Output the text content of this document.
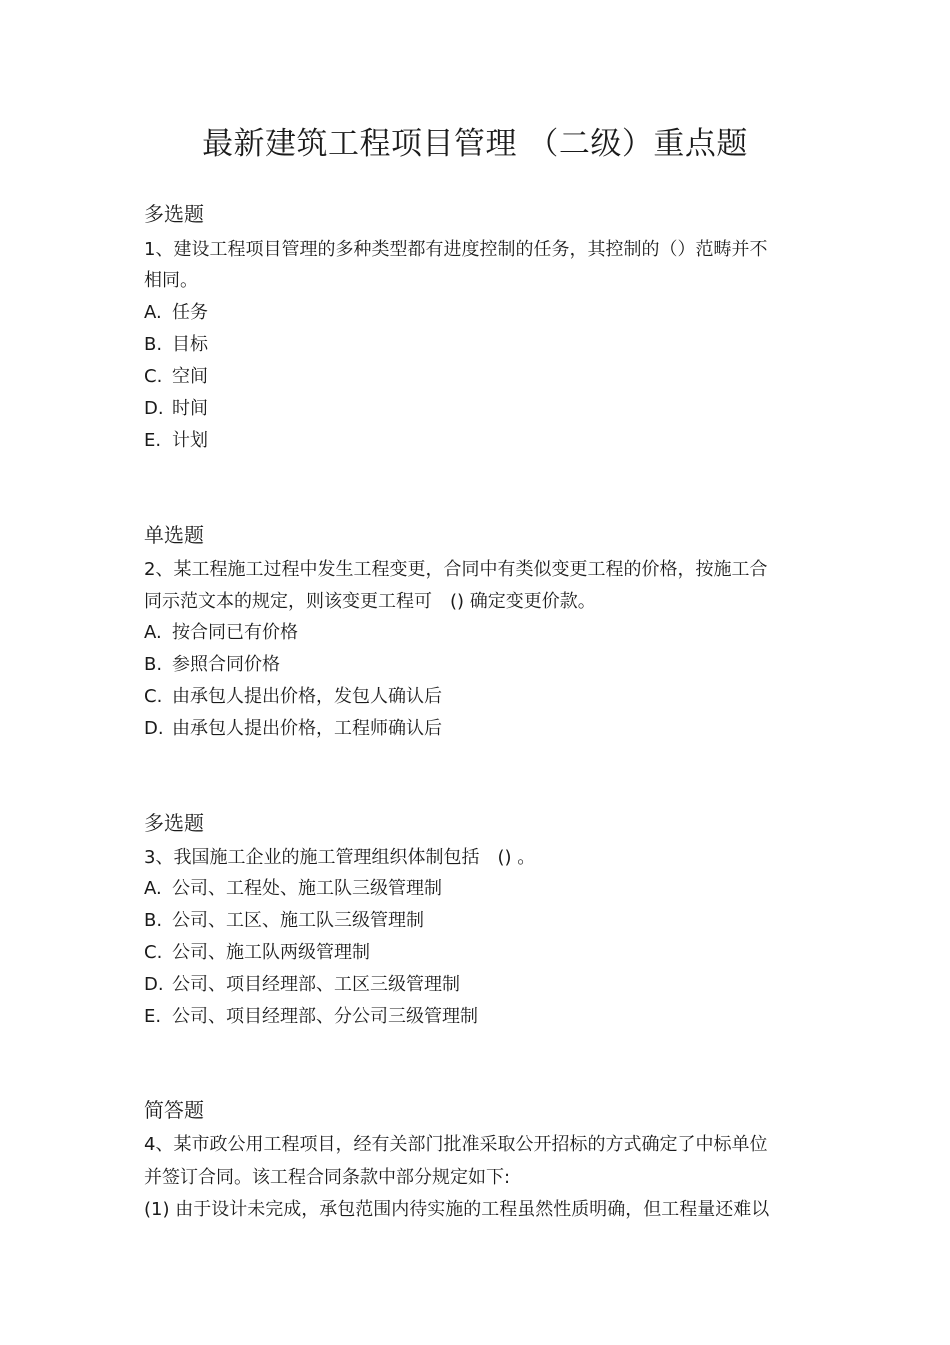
最新建筑工程项目管理 （二级）重点题
多选题
1、建设工程项目管理的多种类型都有进度控制的任务，其控制的（）范畴并不
相同。
A. 任务
B. 目标
C. 空间
D. 时间
E. 计划
单选题
2、某工程施工过程中发生工程变更，合同中有类似变更工程的价格，按施工合
同示范文本的规定，则该变更工程可　() 确定变更价款。
A. 按合同已有价格
B. 参照合同价格
C. 由承包人提出价格，发包人确认后
D. 由承包人提出价格，工程师确认后
多选题
3、我国施工企业的施工管理组织体制包括　() 。
A. 公司、工程处、施工队三级管理制
B. 公司、工区、施工队三级管理制
C. 公司、施工队两级管理制
D. 公司、项目经理部、工区三级管理制
E. 公司、项目经理部、分公司三级管理制
简答题
4、某市政公用工程项目，经有关部门批准采取公开招标的方式确定了中标单位
并签订合同。该工程合同条款中部分规定如下:
(1) 由于设计未完成，承包范围内待实施的工程虽然性质明确，但工程量还难以
